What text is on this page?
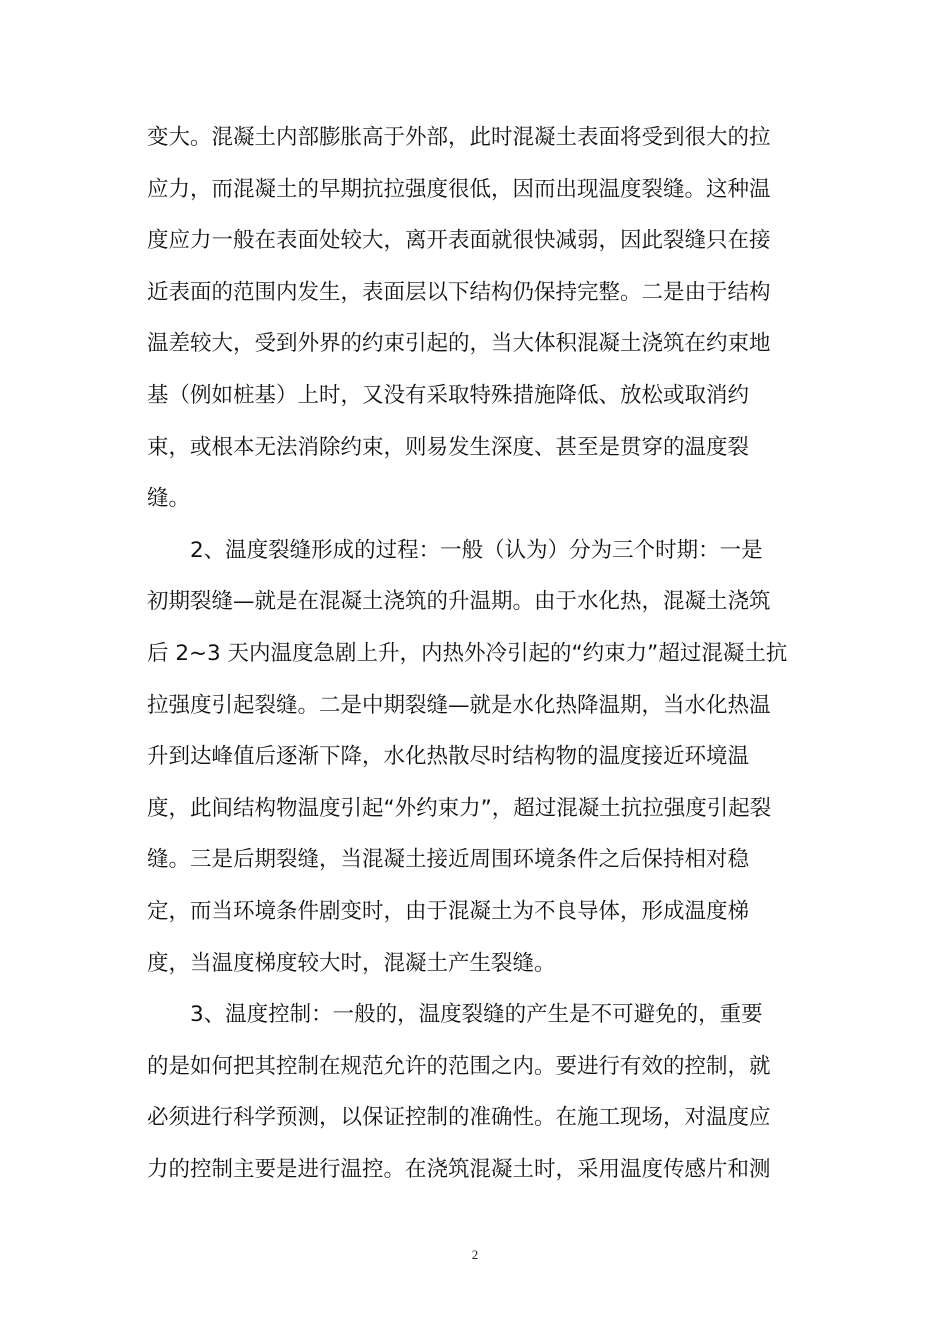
变大。混凝土内部膨胀高于外部，此时混凝土表面将受到很大的拉
应力，而混凝土的早期抗拉强度很低，因而出现温度裂缝。这种温
度应力一般在表面处较大，离开表面就很快减弱，因此裂缝只在接
近表面的范围内发生，表面层以下结构仍保持完整。二是由于结构
温差较大，受到外界的约束引起的，当大体积混凝土浇筑在约束地
基（例如桩基）上时，又没有采取特殊措施降低、放松或取消约
束，或根本无法消除约束，则易发生深度、甚至是贯穿的温度裂
缝。
2、温度裂缝形成的过程：一般（认为）分为三个时期：一是
初期裂缝—就是在混凝土浇筑的升温期。由于水化热，混凝土浇筑
后 2~3 天内温度急剧上升，内热外冷引起的“约束力”超过混凝土抗
拉强度引起裂缝。二是中期裂缝—就是水化热降温期，当水化热温
升到达峰值后逐渐下降，水化热散尽时结构物的温度接近环境温
度，此间结构物温度引起“外约束力”，超过混凝土抗拉强度引起裂
缝。三是后期裂缝，当混凝土接近周围环境条件之后保持相对稳
定，而当环境条件剧变时，由于混凝土为不良导体，形成温度梯
度，当温度梯度较大时，混凝土产生裂缝。
3、温度控制：一般的，温度裂缝的产生是不可避免的，重要
的是如何把其控制在规范允许的范围之内。要进行有效的控制，就
必须进行科学预测，以保证控制的准确性。在施工现场，对温度应
力的控制主要是进行温控。在浇筑混凝土时，采用温度传感片和测
2
